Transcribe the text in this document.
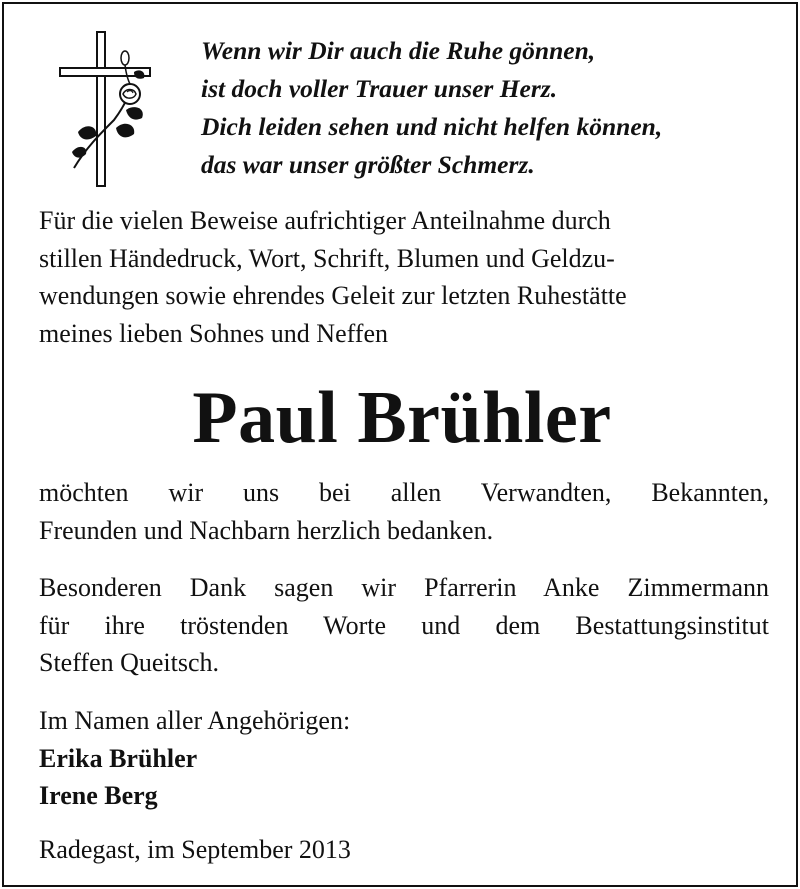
Wenn wir Dir auch die Ruhe gönnen,
ist doch voller Trauer unser Herz.
Dich leiden sehen und nicht helfen können,
das war unser größter Schmerz.
Für die vielen Beweise aufrichtiger Anteilnahme durch
stillen Händedruck, Wort, Schrift, Blumen und Geldzu-
wendungen sowie ehrendes Geleit zur letzten Ruhestätte
meines lieben Sohnes und Neffen
Paul Brühler
möchten wir uns bei allen Verwandten, Bekannten,
Freunden und Nachbarn herzlich bedanken.
Besonderen Dank sagen wir Pfarrerin Anke Zimmermann
für ihre tröstenden Worte und dem Bestattungsinstitut
Steffen Queitsch.
Im Namen aller Angehörigen:
Erika Brühler
Irene Berg
Radegast, im September 2013
